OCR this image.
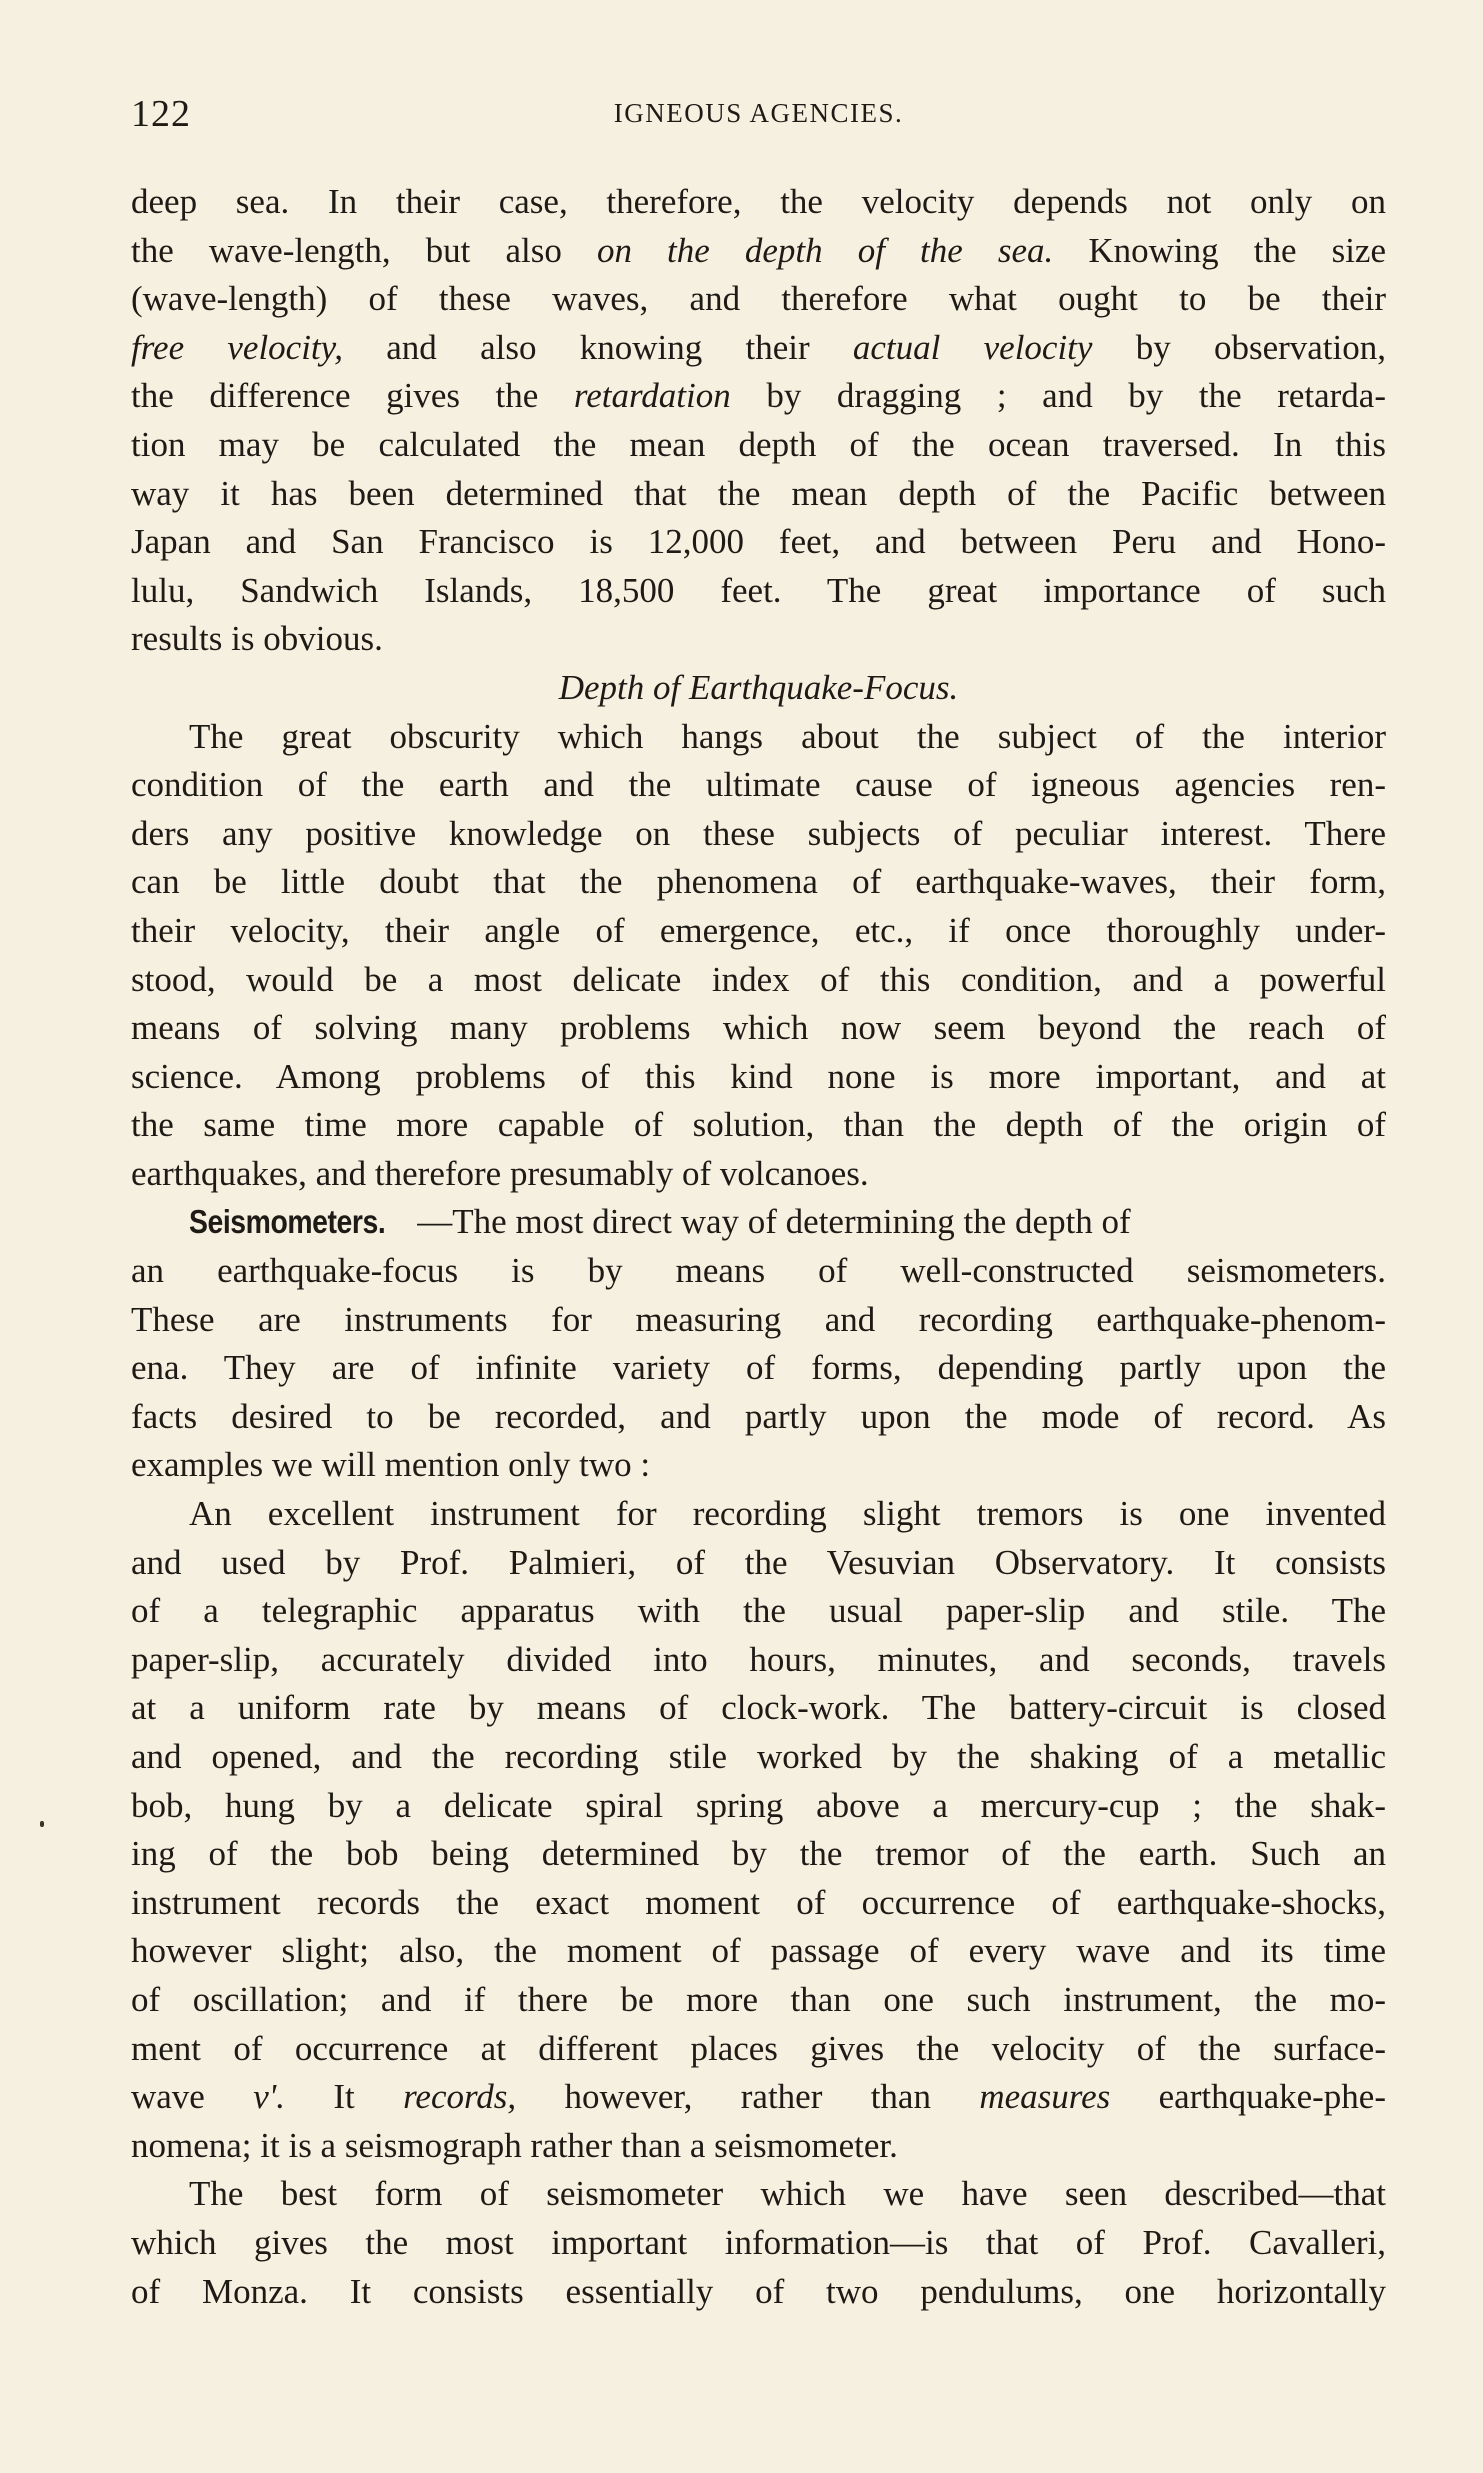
122	IGNEOUS AGENCIES.
deep sea. In their case, therefore, the velocity depends not only on
the wave-length, but also on the depth of the sea. Knowing the size
(wave-length) of these waves, and therefore what ought to be their
free velocity, and also knowing their actual velocity by observation,
the difference gives the retardation by dragging ; and by the retarda-
tion may be calculated the mean depth of the ocean traversed. In this
way it has been determined that the mean depth of the Pacific between
Japan and San Francisco is 12,000 feet, and between Peru and Hono-
lulu, Sandwich Islands, 18,500 feet. The great importance of such
results is obvious.
Depth of Earthquake-Focus.
The great obscurity which hangs about the subject of the interior
condition of the earth and the ultimate cause of igneous agencies ren-
ders any positive knowledge on these subjects of peculiar interest. There
can be little doubt that the phenomena of earthquake-waves, their form,
their velocity, their angle of emergence, etc., if once thoroughly under-
stood, would be a most delicate index of this condition, and a powerful
means of solving many problems which now seem beyond the reach of
science. Among problems of this kind none is more important, and at
the same time more capable of solution, than the depth of the origin of
earthquakes, and therefore presumably of volcanoes.
Seismometers. —The most direct way of determining the depth of
an earthquake-focus is by means of well-constructed seismometers.
These are instruments for measuring and recording earthquake-phenom-
ena. They are of infinite variety of forms, depending partly upon the
facts desired to be recorded, and partly upon the mode of record. As
examples we will mention only two :
An excellent instrument for recording slight tremors is one invented
and used by Prof. Palmieri, of the Vesuvian Observatory. It consists
of a telegraphic apparatus with the usual paper-slip and stile. The
paper-slip, accurately divided into hours, minutes, and seconds, travels
at a uniform rate by means of clock-work. The battery-circuit is closed
and opened, and the recording stile worked by the shaking of a metallic
bob, hung by a delicate spiral spring above a mercury-cup ; the shak-
ing of the bob being determined by the tremor of the earth. Such an
instrument records the exact moment of occurrence of earthquake-shocks,
however slight; also, the moment of passage of every wave and its time
of oscillation; and if there be more than one such instrument, the mo-
ment of occurrence at different places gives the velocity of the surface-
wave v'. It records, however, rather than measures earthquake-phe-
nomena; it is a seismograph rather than a seismometer.
The best form of seismometer which we have seen described—that
which gives the most important information—is that of Prof. Cavalleri,
of Monza. It consists essentially of two pendulums, one horizontally
